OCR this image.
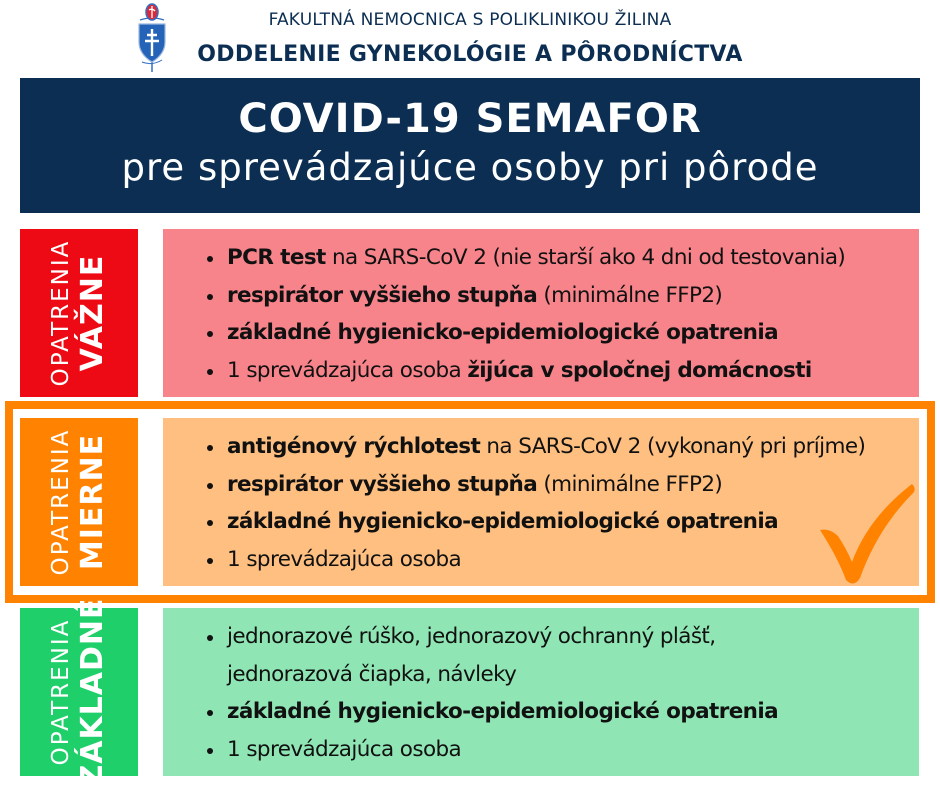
FAKULTNÁ NEMOCNICA S POLIKLINIKOU ŽILINA
ODDELENIE GYNEKOLÓGIE A PÔRODNÍCTVA
COVID-19 SEMAFOR
pre sprevádzajúce osoby pri pôrode
OPATRENIA VÁŽNE	PCR test na SARS-CoV 2 (nie starší ako 4 dni od testovania)
respirátor vyššieho stupňa (minimálne FFP2)
základné hygienicko-epidemiologické opatrenia
1 sprevádzajúca osoba žijúca v spoločnej domácnosti
OPATRENIA MIERNE	antigénový rýchlotest na SARS-CoV 2 (vykonaný pri príjme)
respirátor vyššieho stupňa (minimálne FFP2)
základné hygienicko-epidemiologické opatrenia
1 sprevádzajúca osoba
OPATRENIA ZÁKLADNÉ	jednorazové rúško, jednorazový ochranný plášť,
jednorazová čiapka, návleky
základné hygienicko-epidemiologické opatrenia
1 sprevádzajúca osoba
